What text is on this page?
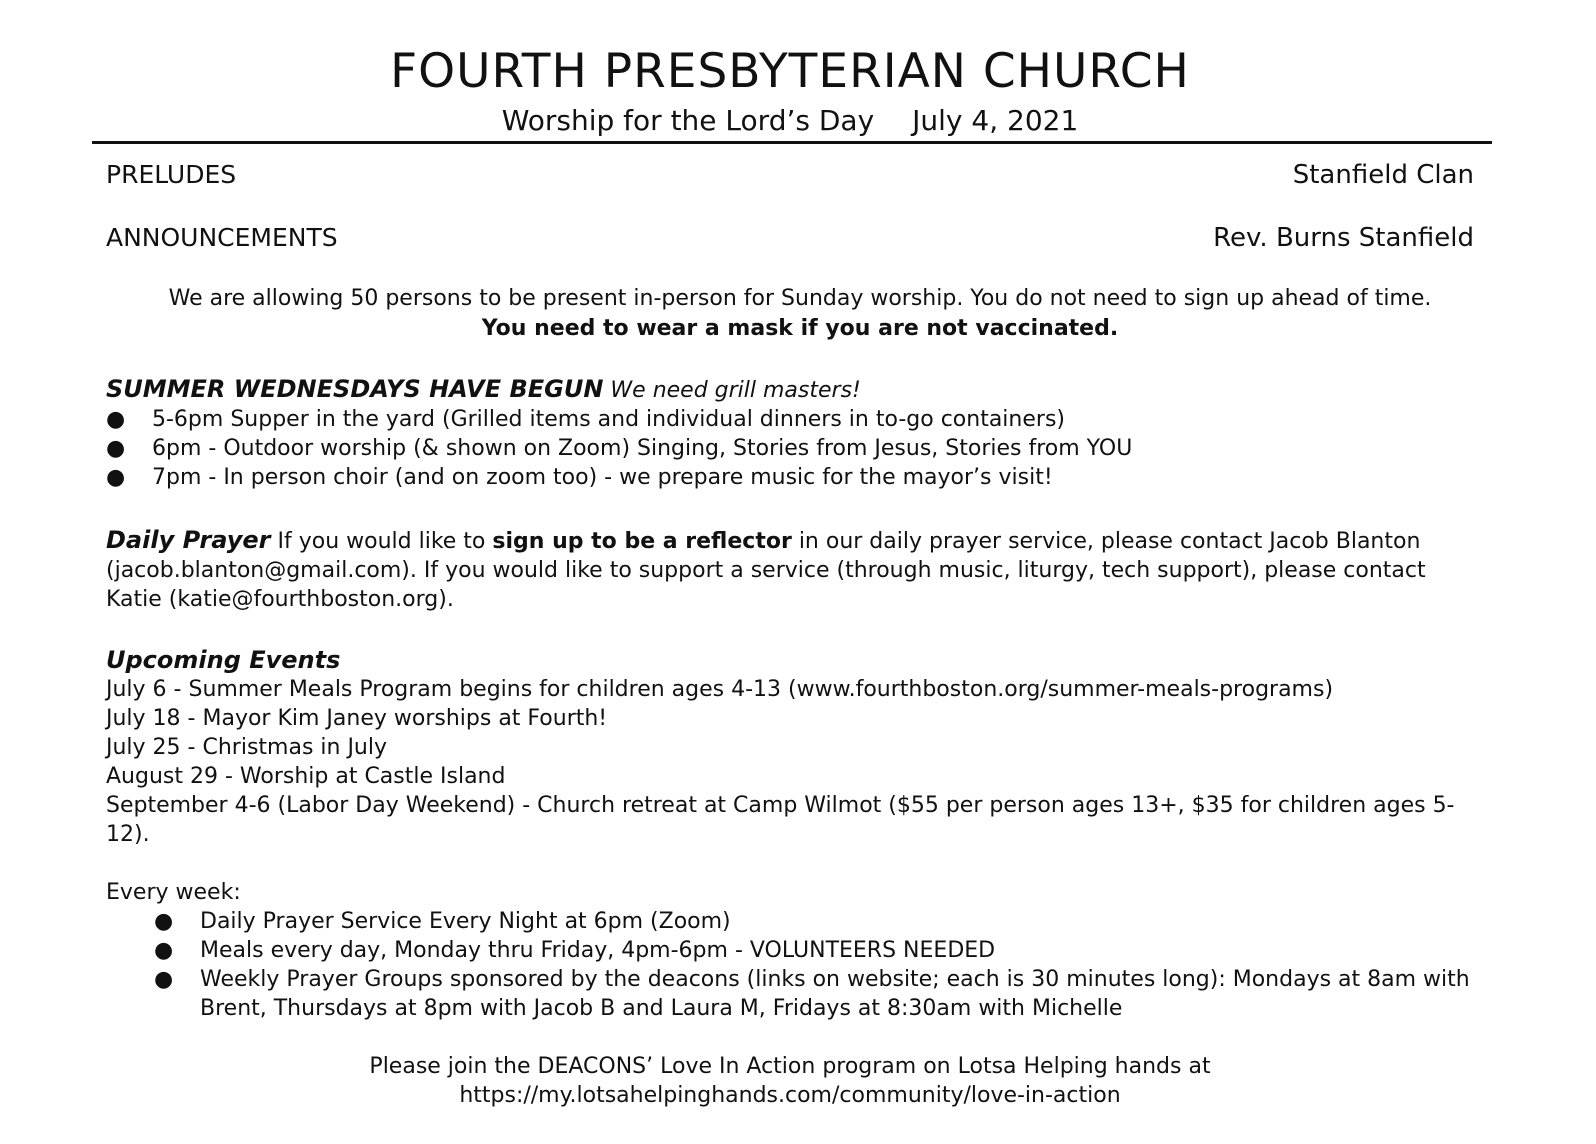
FOURTH PRESBYTERIAN CHURCH
Worship for the Lord’s Day July 4, 2021
PRELUDES	Stanfield Clan
ANNOUNCEMENTS	Rev. Burns Stanfield
We are allowing 50 persons to be present in-person for Sunday worship. You do not need to sign up ahead of time.
You need to wear a mask if you are not vaccinated.
SUMMER WEDNESDAYS HAVE BEGUN We need grill masters!
● 5-6pm Supper in the yard (Grilled items and individual dinners in to-go containers)
● 6pm - Outdoor worship (& shown on Zoom) Singing, Stories from Jesus, Stories from YOU
● 7pm - In person choir (and on zoom too) - we prepare music for the mayor’s visit!
Daily Prayer If you would like to sign up to be a reflector in our daily prayer service, please contact Jacob Blanton (jacob.blanton@gmail.com). If you would like to support a service (through music, liturgy, tech support), please contact Katie (katie@fourthboston.org).
Upcoming Events
July 6 - Summer Meals Program begins for children ages 4-13 (www.fourthboston.org/summer-meals-programs)
July 18 - Mayor Kim Janey worships at Fourth!
July 25 - Christmas in July
August 29 - Worship at Castle Island
September 4-6 (Labor Day Weekend) - Church retreat at Camp Wilmot ($55 per person ages 13+, $35 for children ages 5-12).
Every week:
● Daily Prayer Service Every Night at 6pm (Zoom)
● Meals every day, Monday thru Friday, 4pm-6pm - VOLUNTEERS NEEDED
● Weekly Prayer Groups sponsored by the deacons (links on website; each is 30 minutes long): Mondays at 8am with Brent, Thursdays at 8pm with Jacob B and Laura M, Fridays at 8:30am with Michelle
Please join the DEACONS’ Love In Action program on Lotsa Helping hands at
https://my.lotsahelpinghands.com/community/love-in-action
